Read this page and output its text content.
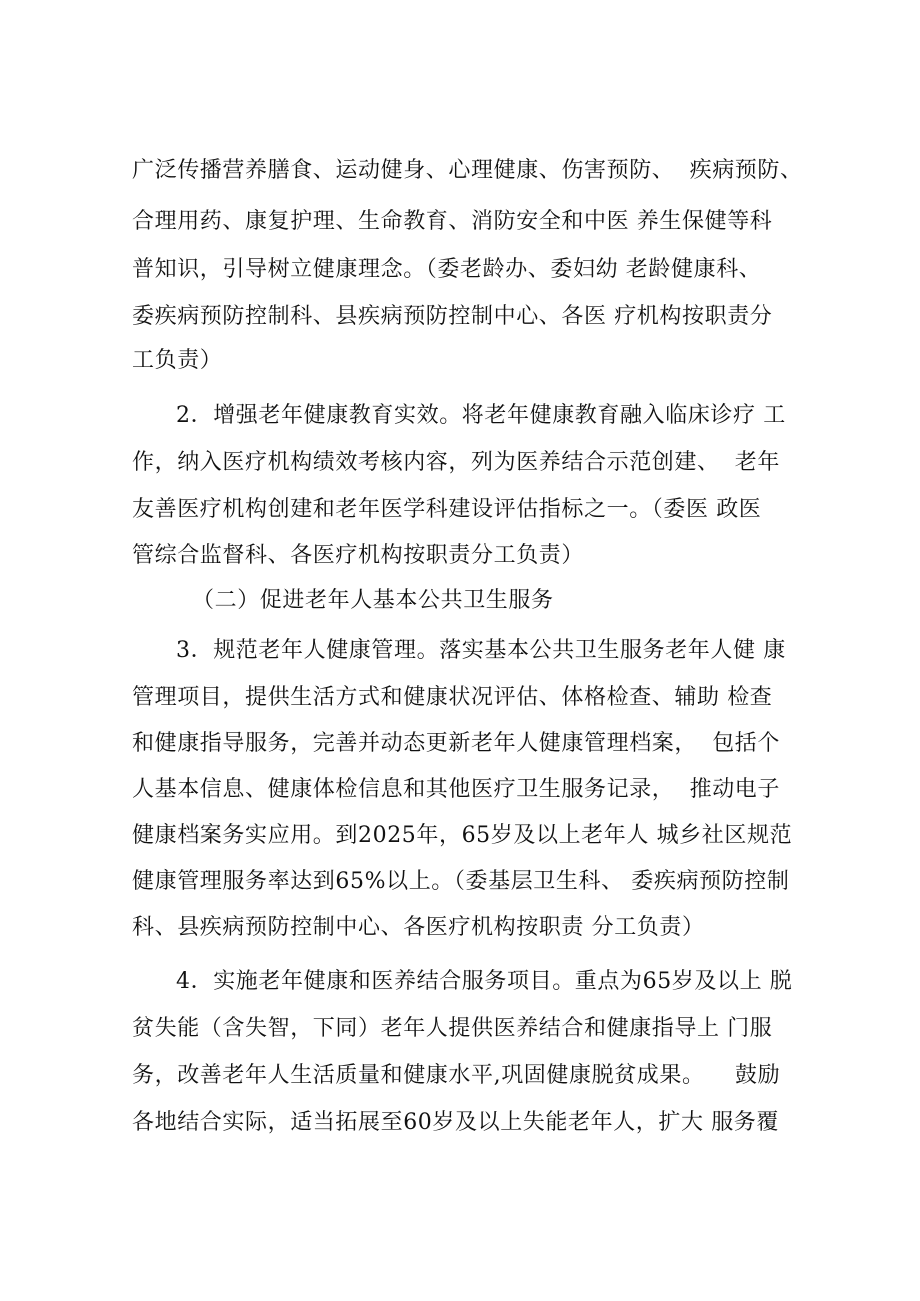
广泛传播营养膳食、运动健身、心理健康、伤害预防、  疾病预防、
合理用药、康复护理、生命教育、消防安全和中医 养生保健等科
普知识，引导树立健康理念。（委老龄办、委妇幼 老龄健康科、
委疾病预防控制科、县疾病预防控制中心、各医 疗机构按职责分
工负责）
2．增强老年健康教育实效。将老年健康教育融入临床诊疗 工
作，纳入医疗机构绩效考核内容，列为医养结合示范创建、  老年
友善医疗机构创建和老年医学科建设评估指标之一。（委医 政医
管综合监督科、各医疗机构按职责分工负责）
（二）促进老年人基本公共卫生服务
3．规范老年人健康管理。落实基本公共卫生服务老年人健 康
管理项目，提供生活方式和健康状况评估、体格检查、辅助 检查
和健康指导服务，完善并动态更新老年人健康管理档案，  包括个
人基本信息、健康体检信息和其他医疗卫生服务记录，  推动电子
健康档案务实应用。到2025年，65岁及以上老年人 城乡社区规范
健康管理服务率达到65%以上。（委基层卫生科、 委疾病预防控制
科、县疾病预防控制中心、各医疗机构按职责 分工负责）
4．实施老年健康和医养结合服务项目。重点为65岁及以上 脱
贫失能（含失智，下同）老年人提供医养结合和健康指导上 门服
务，改善老年人生活质量和健康水平,巩固健康脱贫成果。    鼓励
各地结合实际，适当拓展至60岁及以上失能老年人，扩大 服务覆
